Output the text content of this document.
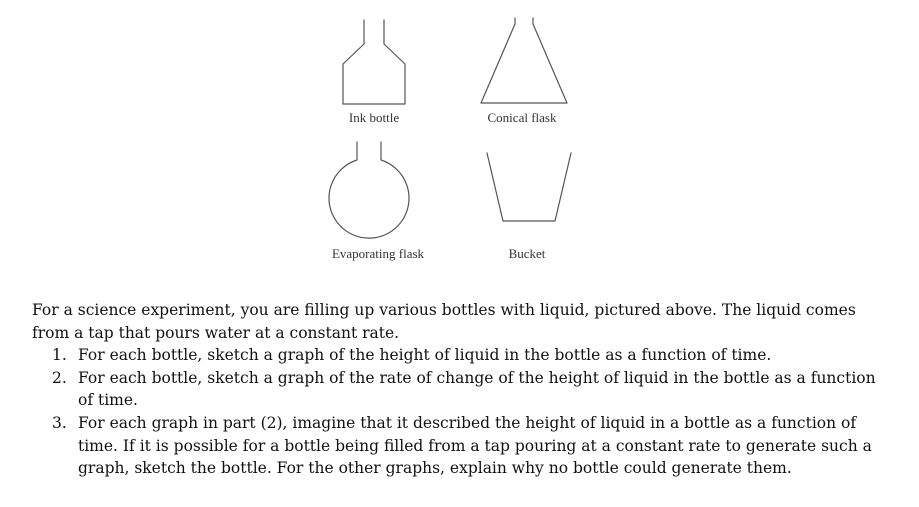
Ink bottle	Conical flask
Evaporating flask	Bucket

For a science experiment, you are filling up various bottles with liquid, pictured above. The liquid comes from a tap that pours water at a constant rate.

1. For each bottle, sketch a graph of the height of liquid in the bottle as a function of time.
2. For each bottle, sketch a graph of the rate of change of the height of liquid in the bottle as a function of time.
3. For each graph in part (2), imagine that it described the height of liquid in a bottle as a function of time. If it is possible for a bottle being filled from a tap pouring at a constant rate to generate such a graph, sketch the bottle. For the other graphs, explain why no bottle could generate them.
